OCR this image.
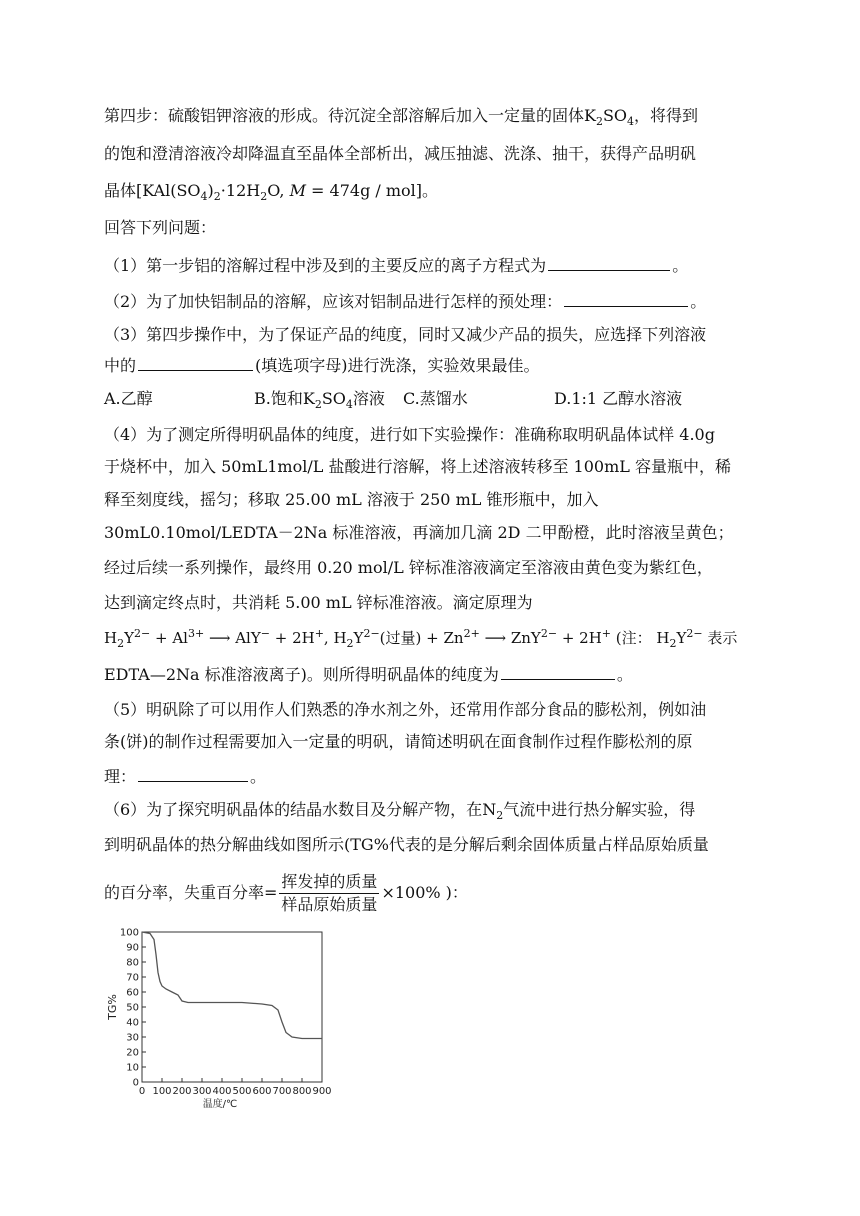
第四步：硫酸铝钾溶液的形成。待沉淀全部溶解后加入一定量的固体$K_2SO_4$，将得到
的饱和澄清溶液冷却降温直至晶体全部析出，减压抽滤、洗涤、抽干，获得产品明矾
晶体[$KAl(SO_4)_2\cdot 12H_2O$, M = 474g / mol]。
回答下列问题：
（1）第一步铝的溶解过程中涉及到的主要反应的离子方程式为	。
（2）为了加快铝制品的溶解，应该对铝制品进行怎样的预处理：	。
（3）第四步操作中，为了保证产品的纯度，同时又减少产品的损失，应选择下列溶液
中的	(填选项字母)进行洗涤，实验效果最佳。
A.乙醇	B.饱和$K_2SO_4$溶液 C.蒸馏水	D.1:1 乙醇水溶液
（4）为了测定所得明矾晶体的纯度，进行如下实验操作：准确称取明矾晶体试样 4.0g
于烧杯中，加入 50mL1mol/L 盐酸进行溶解，将上述溶液转移至 100mL 容量瓶中，稀
释至刻度线，摇匀；移取 25.00 mL 溶液于 250 mL 锥形瓶中，加入
30mL0.10mol/LEDTA－2Na 标准溶液，再滴加几滴 2D 二甲酚橙，此时溶液呈黄色；
经过后续一系列操作，最终用 0.20 mol/L 锌标准溶液滴定至溶液由黄色变为紫红色，
达到滴定终点时，共消耗 5.00 mL 锌标准溶液。滴定原理为
$H_2Y^{2-} + Al^{3+}$ ⟶ AlY− + 2H+, $H_2Y^{2-}$(过量) + $Zn^{2+}$ ⟶ ZnY$^{2-}$ + 2H+ (注： $H_2Y^{2-}$ 表示
EDTA—2Na 标准溶液离子)。则所得明矾晶体的纯度为	。
（5）明矾除了可以用作人们熟悉的净水剂之外，还常用作部分食品的膨松剂，例如油
条(饼)的制作过程需要加入一定量的明矾，请简述明矾在面食制作过程作膨松剂的原
理：	。
（6）为了探究明矾晶体的结晶水数目及分解产物，在$N_2$气流中进行热分解实验，得
到明矾晶体的热分解曲线如图所示(TG%代表的是分解后剩余固体质量占样品原始质量
的百分率，失重百分率= $\frac{\text{挥发掉的质量}}{\text{样品原始质量}} \times 100\%$ )：
0
10
20
30
40
50
60
70
80
90
100
0 100 200 300 400 500 600 700 800 900
TG%
温度/℃
